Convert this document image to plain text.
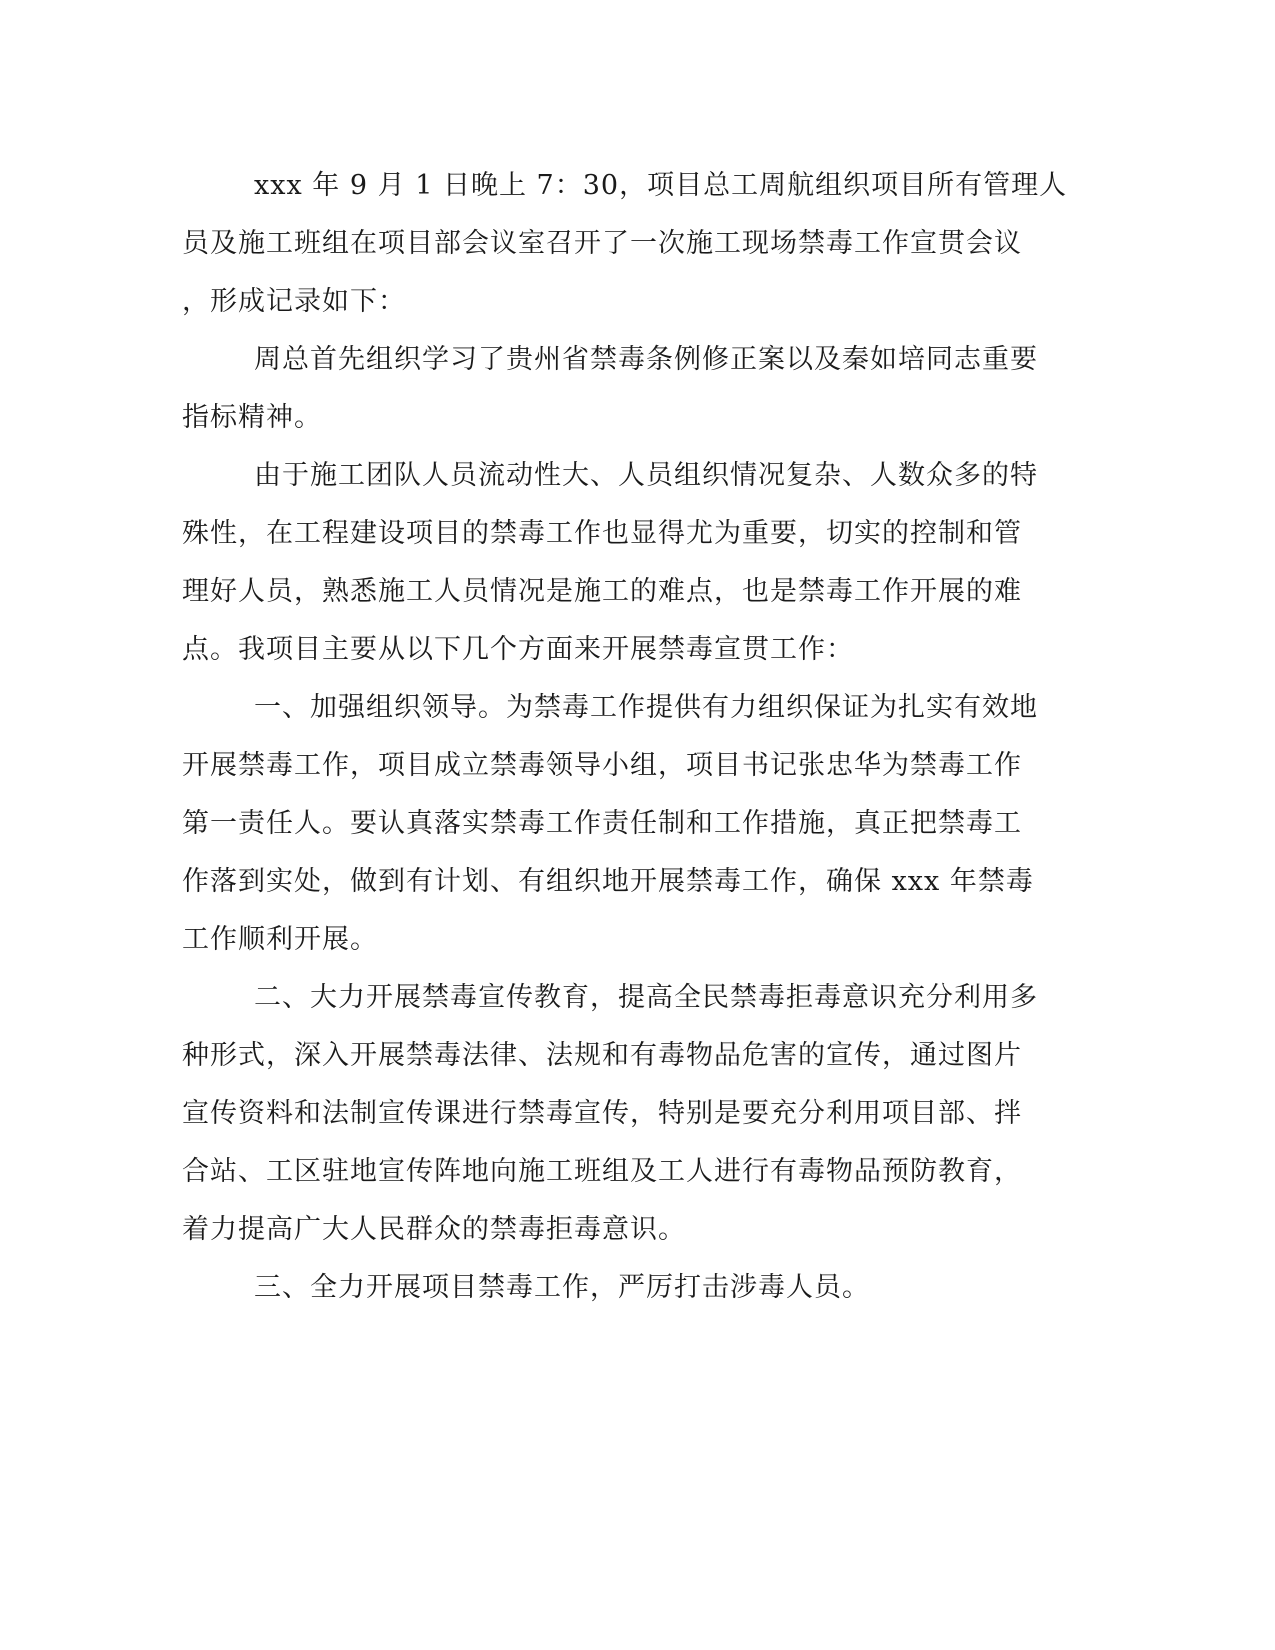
xxx 年 9 月 1 日晚上 7：30，项目总工周航组织项目所有管理人
员及施工班组在项目部会议室召开了一次施工现场禁毒工作宣贯会议
，形成记录如下：

周总首先组织学习了贵州省禁毒条例修正案以及秦如培同志重要
指标精神。

由于施工团队人员流动性大、人员组织情况复杂、人数众多的特
殊性，在工程建设项目的禁毒工作也显得尤为重要，切实的控制和管
理好人员，熟悉施工人员情况是施工的难点，也是禁毒工作开展的难
点。我项目主要从以下几个方面来开展禁毒宣贯工作：

一、加强组织领导。为禁毒工作提供有力组织保证为扎实有效地
开展禁毒工作，项目成立禁毒领导小组，项目书记张忠华为禁毒工作
第一责任人。要认真落实禁毒工作责任制和工作措施，真正把禁毒工
作落到实处，做到有计划、有组织地开展禁毒工作，确保 xxx 年禁毒
工作顺利开展。

二、大力开展禁毒宣传教育，提高全民禁毒拒毒意识充分利用多
种形式，深入开展禁毒法律、法规和有毒物品危害的宣传，通过图片
宣传资料和法制宣传课进行禁毒宣传，特别是要充分利用项目部、拌
合站、工区驻地宣传阵地向施工班组及工人进行有毒物品预防教育，
着力提高广大人民群众的禁毒拒毒意识。

三、全力开展项目禁毒工作，严厉打击涉毒人员。
